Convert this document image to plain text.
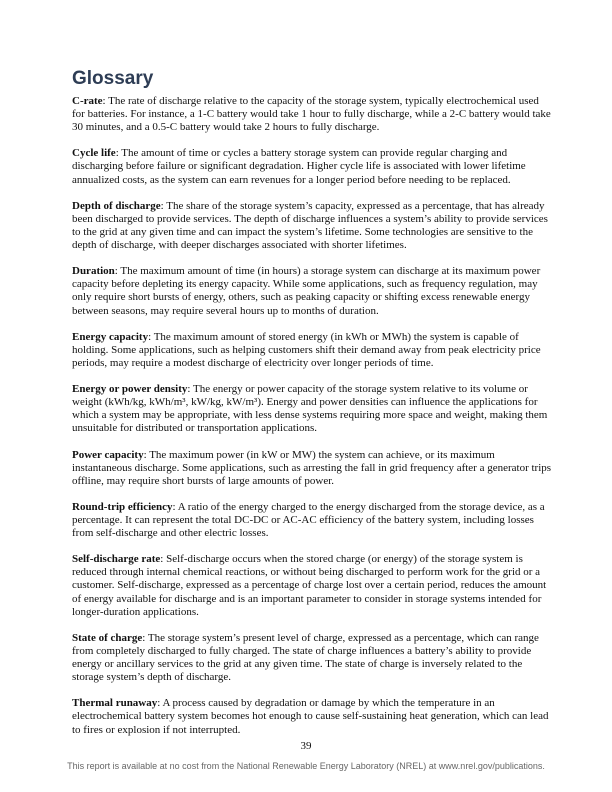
Glossary

C-rate: The rate of discharge relative to the capacity of the storage system, typically electrochemical used for batteries. For instance, a 1-C battery would take 1 hour to fully discharge, while a 2-C battery would take 30 minutes, and a 0.5-C battery would take 2 hours to fully discharge.

Cycle life: The amount of time or cycles a battery storage system can provide regular charging and discharging before failure or significant degradation. Higher cycle life is associated with lower lifetime annualized costs, as the system can earn revenues for a longer period before needing to be replaced.

Depth of discharge: The share of the storage system’s capacity, expressed as a percentage, that has already been discharged to provide services. The depth of discharge influences a system’s ability to provide services to the grid at any given time and can impact the system’s lifetime. Some technologies are sensitive to the depth of discharge, with deeper discharges associated with shorter lifetimes.

Duration: The maximum amount of time (in hours) a storage system can discharge at its maximum power capacity before depleting its energy capacity. While some applications, such as frequency regulation, may only require short bursts of energy, others, such as peaking capacity or shifting excess renewable energy between seasons, may require several hours up to months of duration.

Energy capacity: The maximum amount of stored energy (in kWh or MWh) the system is capable of holding. Some applications, such as helping customers shift their demand away from peak electricity price periods, may require a modest discharge of electricity over longer periods of time.

Energy or power density: The energy or power capacity of the storage system relative to its volume or weight (kWh/kg, kWh/m³, kW/kg, kW/m³). Energy and power densities can influence the applications for which a system may be appropriate, with less dense systems requiring more space and weight, making them unsuitable for distributed or transportation applications.

Power capacity: The maximum power (in kW or MW) the system can achieve, or its maximum instantaneous discharge. Some applications, such as arresting the fall in grid frequency after a generator trips offline, may require short bursts of large amounts of power.

Round-trip efficiency: A ratio of the energy charged to the energy discharged from the storage device, as a percentage. It can represent the total DC-DC or AC-AC efficiency of the battery system, including losses from self-discharge and other electric losses.

Self-discharge rate: Self-discharge occurs when the stored charge (or energy) of the storage system is reduced through internal chemical reactions, or without being discharged to perform work for the grid or a customer. Self-discharge, expressed as a percentage of charge lost over a certain period, reduces the amount of energy available for discharge and is an important parameter to consider in storage systems intended for longer-duration applications.

State of charge: The storage system’s present level of charge, expressed as a percentage, which can range from completely discharged to fully charged. The state of charge influences a battery’s ability to provide energy or ancillary services to the grid at any given time. The state of charge is inversely related to the storage system’s depth of discharge.

Thermal runaway: A process caused by degradation or damage by which the temperature in an electrochemical battery system becomes hot enough to cause self-sustaining heat generation, which can lead to fires or explosion if not interrupted.

39
This report is available at no cost from the National Renewable Energy Laboratory (NREL) at www.nrel.gov/publications.
